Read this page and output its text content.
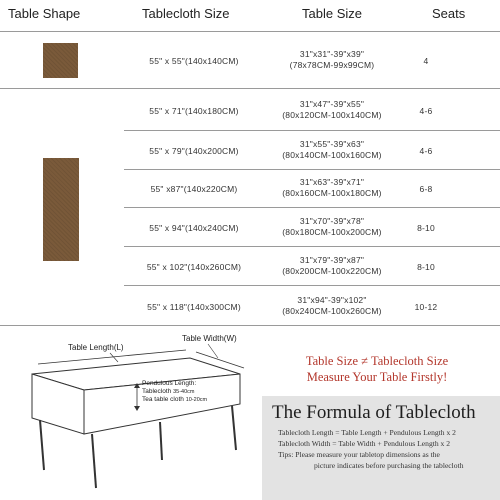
Table Shape	Tablecloth Size	Table Size	Seats
55" x 55"(140x140CM)
31"x31"-39"x39"
(78x78CM-99x99CM)	4
55" x 71"(140x180CM)
31"x47"-39"x55"
(80x120CM-100x140CM)	4-6
55" x 79"(140x200CM)
31"x55"-39"x63"
(80x140CM-100x160CM)	4-6
55" x87"(140x220CM)
31"x63"-39"x71"
(80x160CM-100x180CM)	6-8
55" x 94"(140x240CM)
31"x70"-39"x78"
(80x180CM-100x200CM)	8-10
55" x 102"(140x260CM)
31"x79"-39"x87"
(80x200CM-100x220CM)	8-10
55" x 118"(140x300CM)
31"x94"-39"x102"
(80x240CM-100x260CM)	10-12
Table Length(L)
Table Width(W)
Pendulous Length:
Tablecloth 35-40cm
Tea table cloth 10-20cm
Table Size ≠ Tablecloth Size
Measure Your Table Firstly!
The Formula of Tablecloth
Tablecloth Length = Table Length + Pendulous Length x 2
Tablecloth Width = Table Width + Pendulous Length x 2
Tips: Please measure your tabletop dimensions as the
picture indicates before purchasing the tablecloth
